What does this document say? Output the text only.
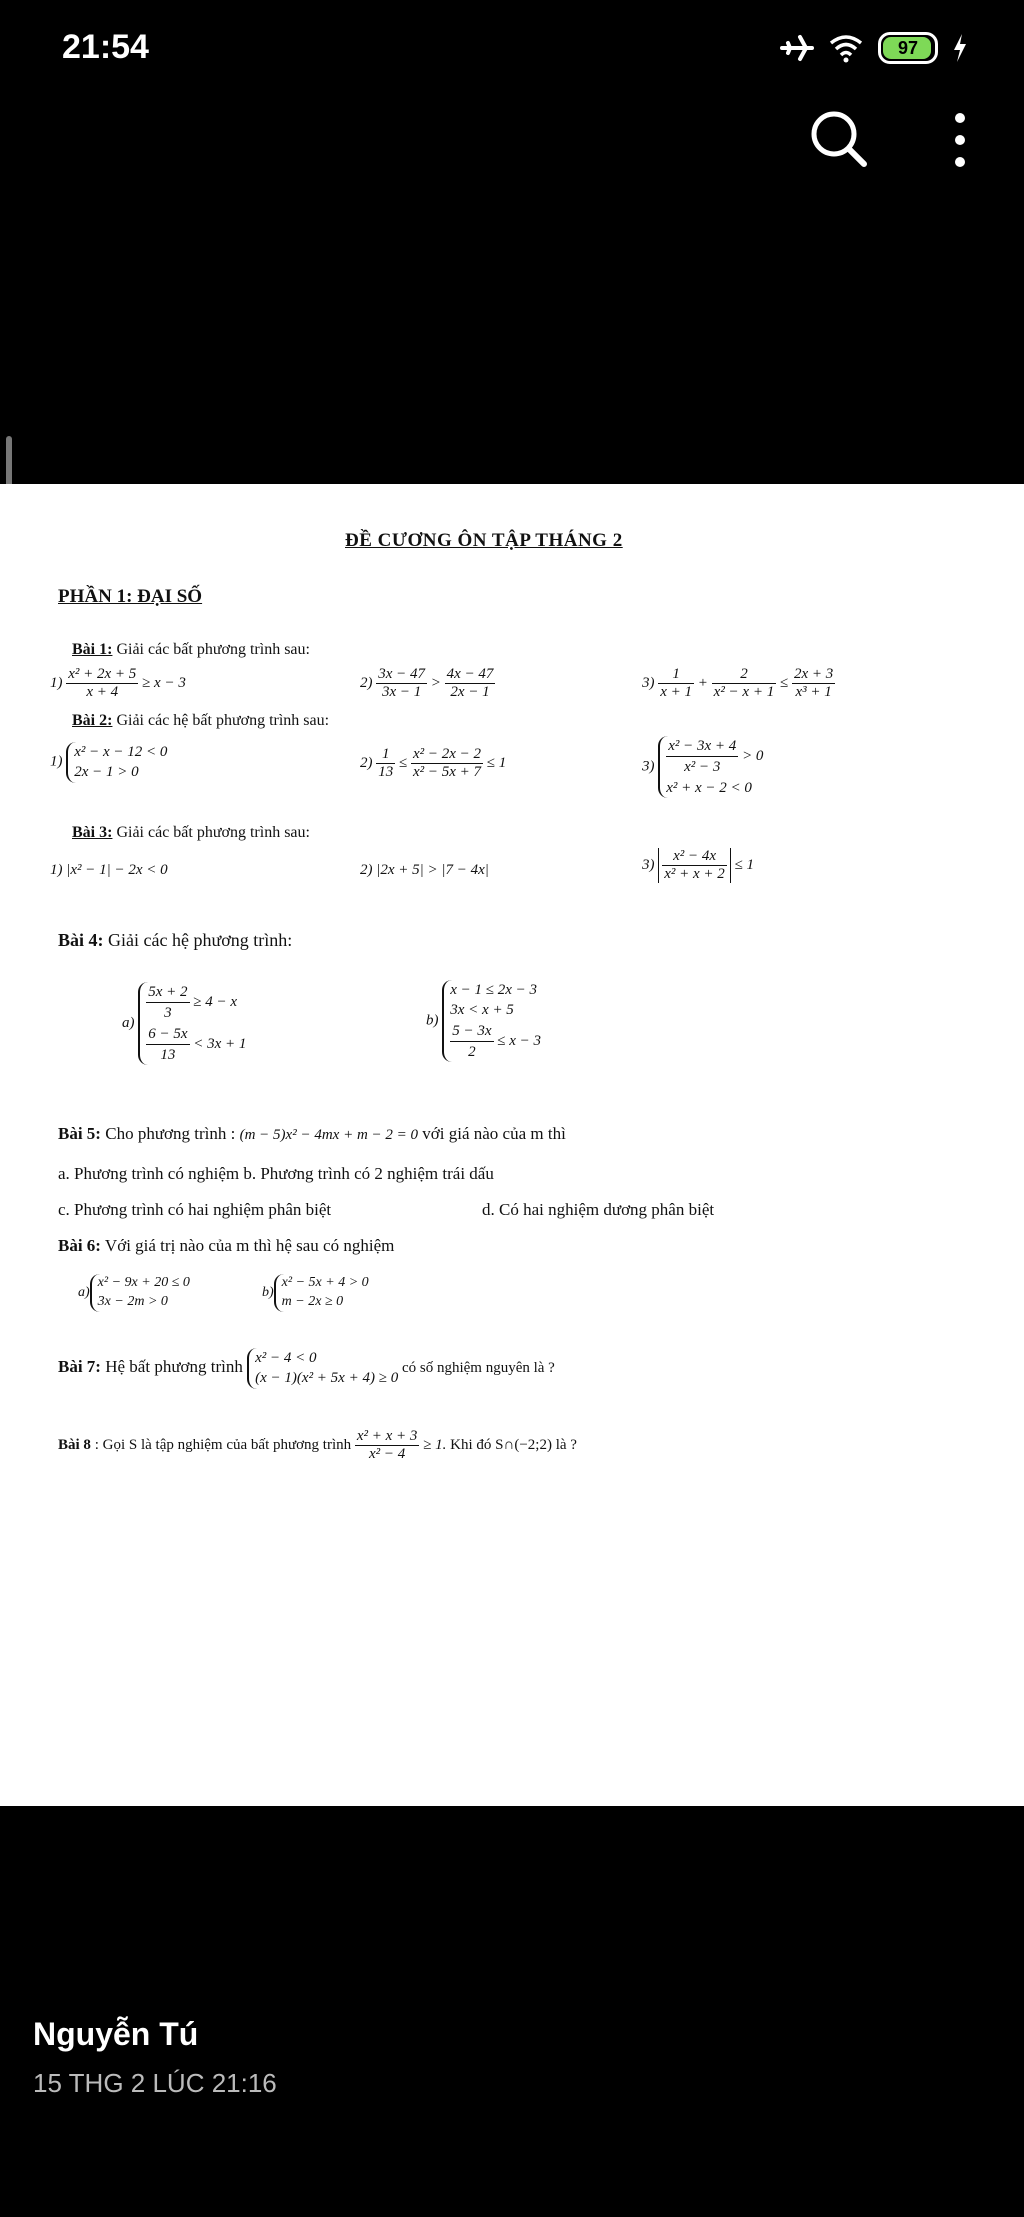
21:54	97
ĐỀ CƯƠNG ÔN TẬP THÁNG 2
PHẦN 1: ĐẠI SỐ
Bài 1: Giải các bất phương trình sau:
$1) \frac{\text{x² + 2x + 5}}{x + 4} \ge x - 3$	$2) \frac{3x - 47}{3x - 1} > \frac{4x - 47}{2x - 1}$	$3) \frac{1}{x + 1} + \frac{2}{\text{x² − x + 1}} \le \frac{2x + 3}{\text{x³ + 1}}$
Bài 2: Giải các hệ bất phương trình sau:
1)
x² − x − 12 < 0
2x − 1 > 0
$2) \frac{1}{13} \le \frac{\text{x² − 2x − 2}}{\text{x² − 5x + 7}} \le 1$	$3) \frac{\text{x² − 3x + 4}}{\text{x² − 3}} > 0$
x² + x − 2 < 0
Bài 3: Giải các bất phương trình sau:
1) |x² − 1| − 2x < 0	2) |2x + 5| > |7 − 4x|	$3) \frac{\text{x² − 4x}}{\text{x² + x + 2}} \le 1$
Bài 4: Giải các hệ phương trình:
$a) \frac{5x + 2}{3} \ge 4 - x$
$\frac{6 - 5x}{13} < 3x + 1$
b)
x − 1 ≤ 2x − 3
3x < x + 5
$\frac{5 - 3x}{2} \le x - 3$
Bài 5: Cho phương trình : (m − 5)x² − 4mx + m − 2 = 0 với giá nào của m thì
a. Phương trình có nghiệm b. Phương trình có 2 nghiệm trái dấu
c. Phương trình có hai nghiệm phân biệt	d. Có hai nghiệm dương phân biệt
Bài 6: Với giá trị nào của m thì hệ sau có nghiệm
a)
x² − 9x + 20 ≤ 0
3x − 2m > 0
b)
x² − 5x + 4 > 0
m − 2x ≥ 0
Bài 7: Hệ bất phương trình x² − 4 < 0
(x − 1)(x² + 5x + 4) ≥ 0
có số nghiệm nguyên là ?
Bài 8 : Gọi S là tập nghiệm của bất phương trình $\frac{\text{x² + x + 3}}{\text{x² − 4}} \ge 1$. Khi đó S∩(−2;2) là ?
Nguyễn Tú
15 THG 2 LÚC 21:16
